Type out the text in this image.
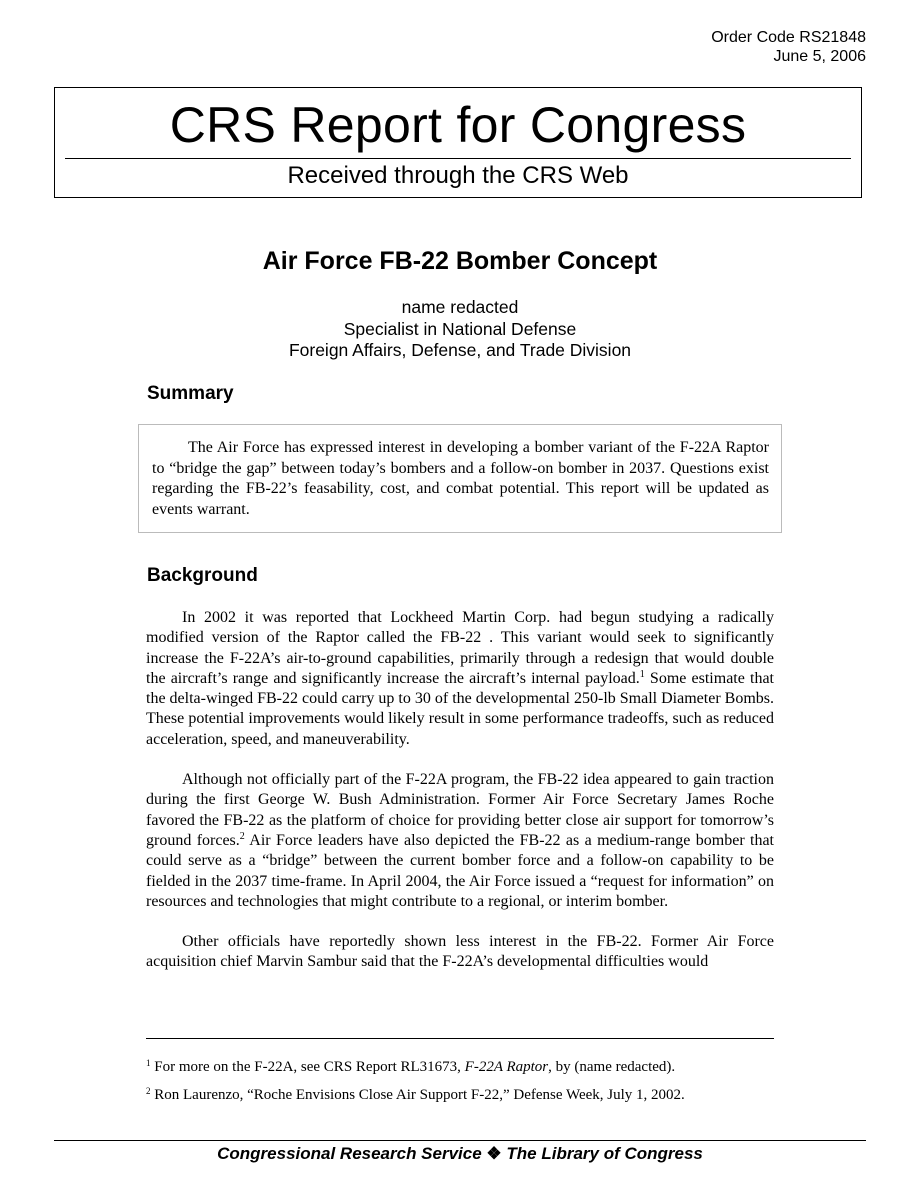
Order Code RS21848
June 5, 2006
CRS Report for Congress
Received through the CRS Web
Air Force FB-22 Bomber Concept
name redacted
Specialist in National Defense
Foreign Affairs, Defense, and Trade Division
Summary

The Air Force has expressed interest in developing a bomber variant of the F-22A Raptor to “bridge the gap” between today’s bombers and a follow-on bomber in 2037. Questions exist regarding the FB-22’s feasability, cost, and combat potential. This report will be updated as events warrant.

Background

In 2002 it was reported that Lockheed Martin Corp. had begun studying a radically modified version of the Raptor called the FB-22 . This variant would seek to significantly increase the F-22A’s air-to-ground capabilities, primarily through a redesign that would double the aircraft’s range and significantly increase the aircraft’s internal payload.$^1$ Some estimate that the delta-winged FB-22 could carry up to 30 of the developmental 250-lb Small Diameter Bombs. These potential improvements would likely result in some performance tradeoffs, such as reduced acceleration, speed, and maneuverability.

Although not officially part of the F-22A program, the FB-22 idea appeared to gain traction during the first George W. Bush Administration. Former Air Force Secretary James Roche favored the FB-22 as the platform of choice for providing better close air support for tomorrow’s ground forces.$^2$ Air Force leaders have also depicted the FB-22 as a medium-range bomber that could serve as a “bridge” between the current bomber force and a follow-on capability to be fielded in the 2037 time-frame. In April 2004, the Air Force issued a “request for information” on resources and technologies that might contribute to a regional, or interim bomber.

Other officials have reportedly shown less interest in the FB-22. Former Air Force acquisition chief Marvin Sambur said that the F-22A’s developmental difficulties would

$^1$ For more on the F-22A, see CRS Report RL31673, F-22A Raptor, by (name redacted).

$^2$ Ron Laurenzo, “Roche Envisions Close Air Support F-22,” Defense Week, July 1, 2002.

Congressional Research Service ❖ The Library of Congress
